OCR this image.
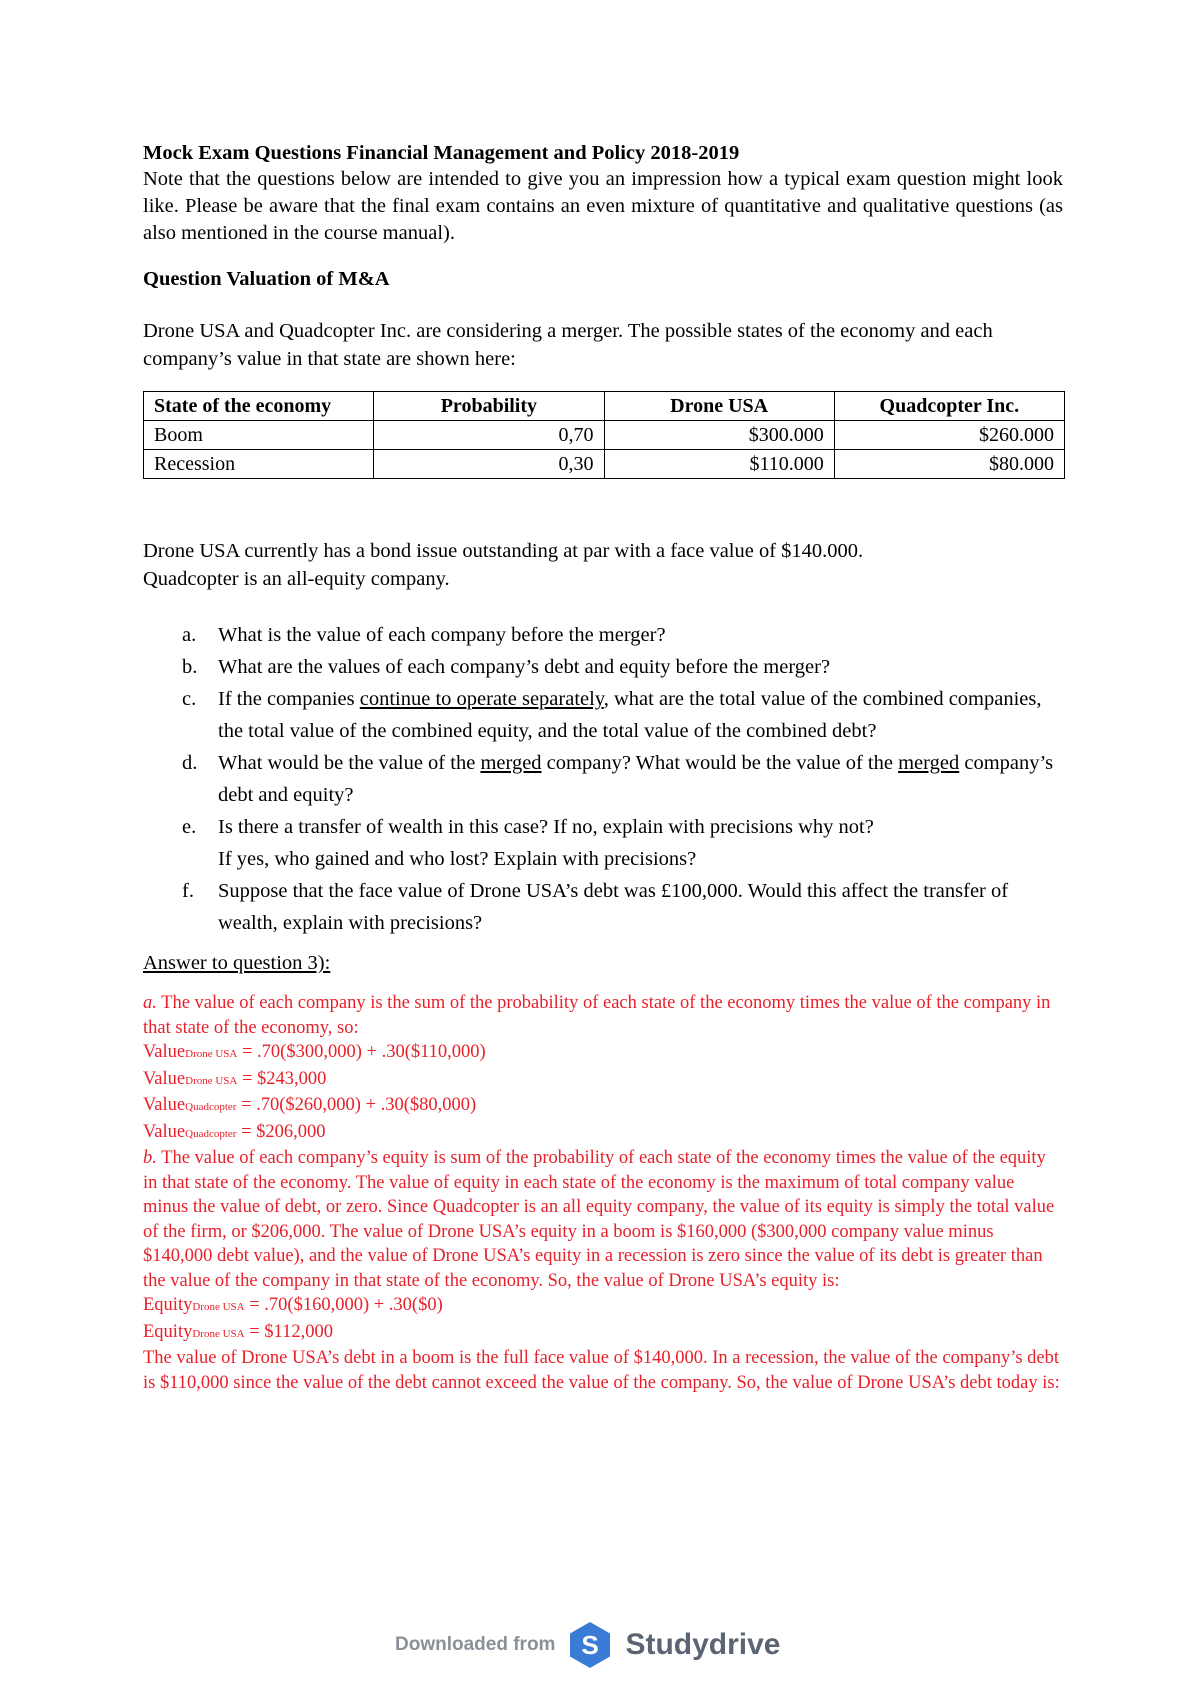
Mock Exam Questions Financial Management and Policy 2018-2019

Note that the questions below are intended to give you an impression how a typical exam question might look like. Please be aware that the final exam contains an even mixture of quantitative and qualitative questions (as also mentioned in the course manual).

Question Valuation of M&A

Drone USA and Quadcopter Inc. are considering a merger. The possible states of the economy and each company’s value in that state are shown here:

State of the economy	Probability	Drone USA	Quadcopter Inc.
Boom	0,70	$300.000	$260.000
Recession	0,30	$110.000	$80.000

Drone USA currently has a bond issue outstanding at par with a face value of $140.000. Quadcopter is an all-equity company.

a. What is the value of each company before the merger?
b. What are the values of each company’s debt and equity before the merger?
c. If the companies continue to operate separately, what are the total value of the combined companies, the total value of the combined equity, and the total value of the combined debt?
d. What would be the value of the merged company? What would be the value of the merged company’s debt and equity?
e. Is there a transfer of wealth in this case? If no, explain with precisions why not?
If yes, who gained and who lost? Explain with precisions?
f. Suppose that the face value of Drone USA’s debt was £100,000. Would this affect the transfer of wealth, explain with precisions?
Answer to question 3):

a. The value of each company is the sum of the probability of each state of the economy times the value of the company in that state of the economy, so:

ValueDrone USA = .70($300,000) + .30($110,000)

ValueDrone USA = $243,000

ValueQuadcopter = .70($260,000) + .30($80,000)

ValueQuadcopter = $206,000

b. The value of each company’s equity is sum of the probability of each state of the economy times the value of the equity in that state of the economy. The value of equity in each state of the economy is the maximum of total company value minus the value of debt, or zero. Since Quadcopter is an all equity company, the value of its equity is simply the total value of the firm, or $206,000. The value of Drone USA’s equity in a boom is $160,000 ($300,000 company value minus $140,000 debt value), and the value of Drone USA’s equity in a recession is zero since the value of its debt is greater than the value of the company in that state of the economy. So, the value of Drone USA’s equity is:

EquityDrone USA = .70($160,000) + .30($0)

EquityDrone USA = $112,000

The value of Drone USA’s debt in a boom is the full face value of $140,000. In a recession, the value of the company’s debt is $110,000 since the value of the debt cannot exceed the value of the company. So, the value of Drone USA’s debt today is:

Downloaded from S Studydrive
